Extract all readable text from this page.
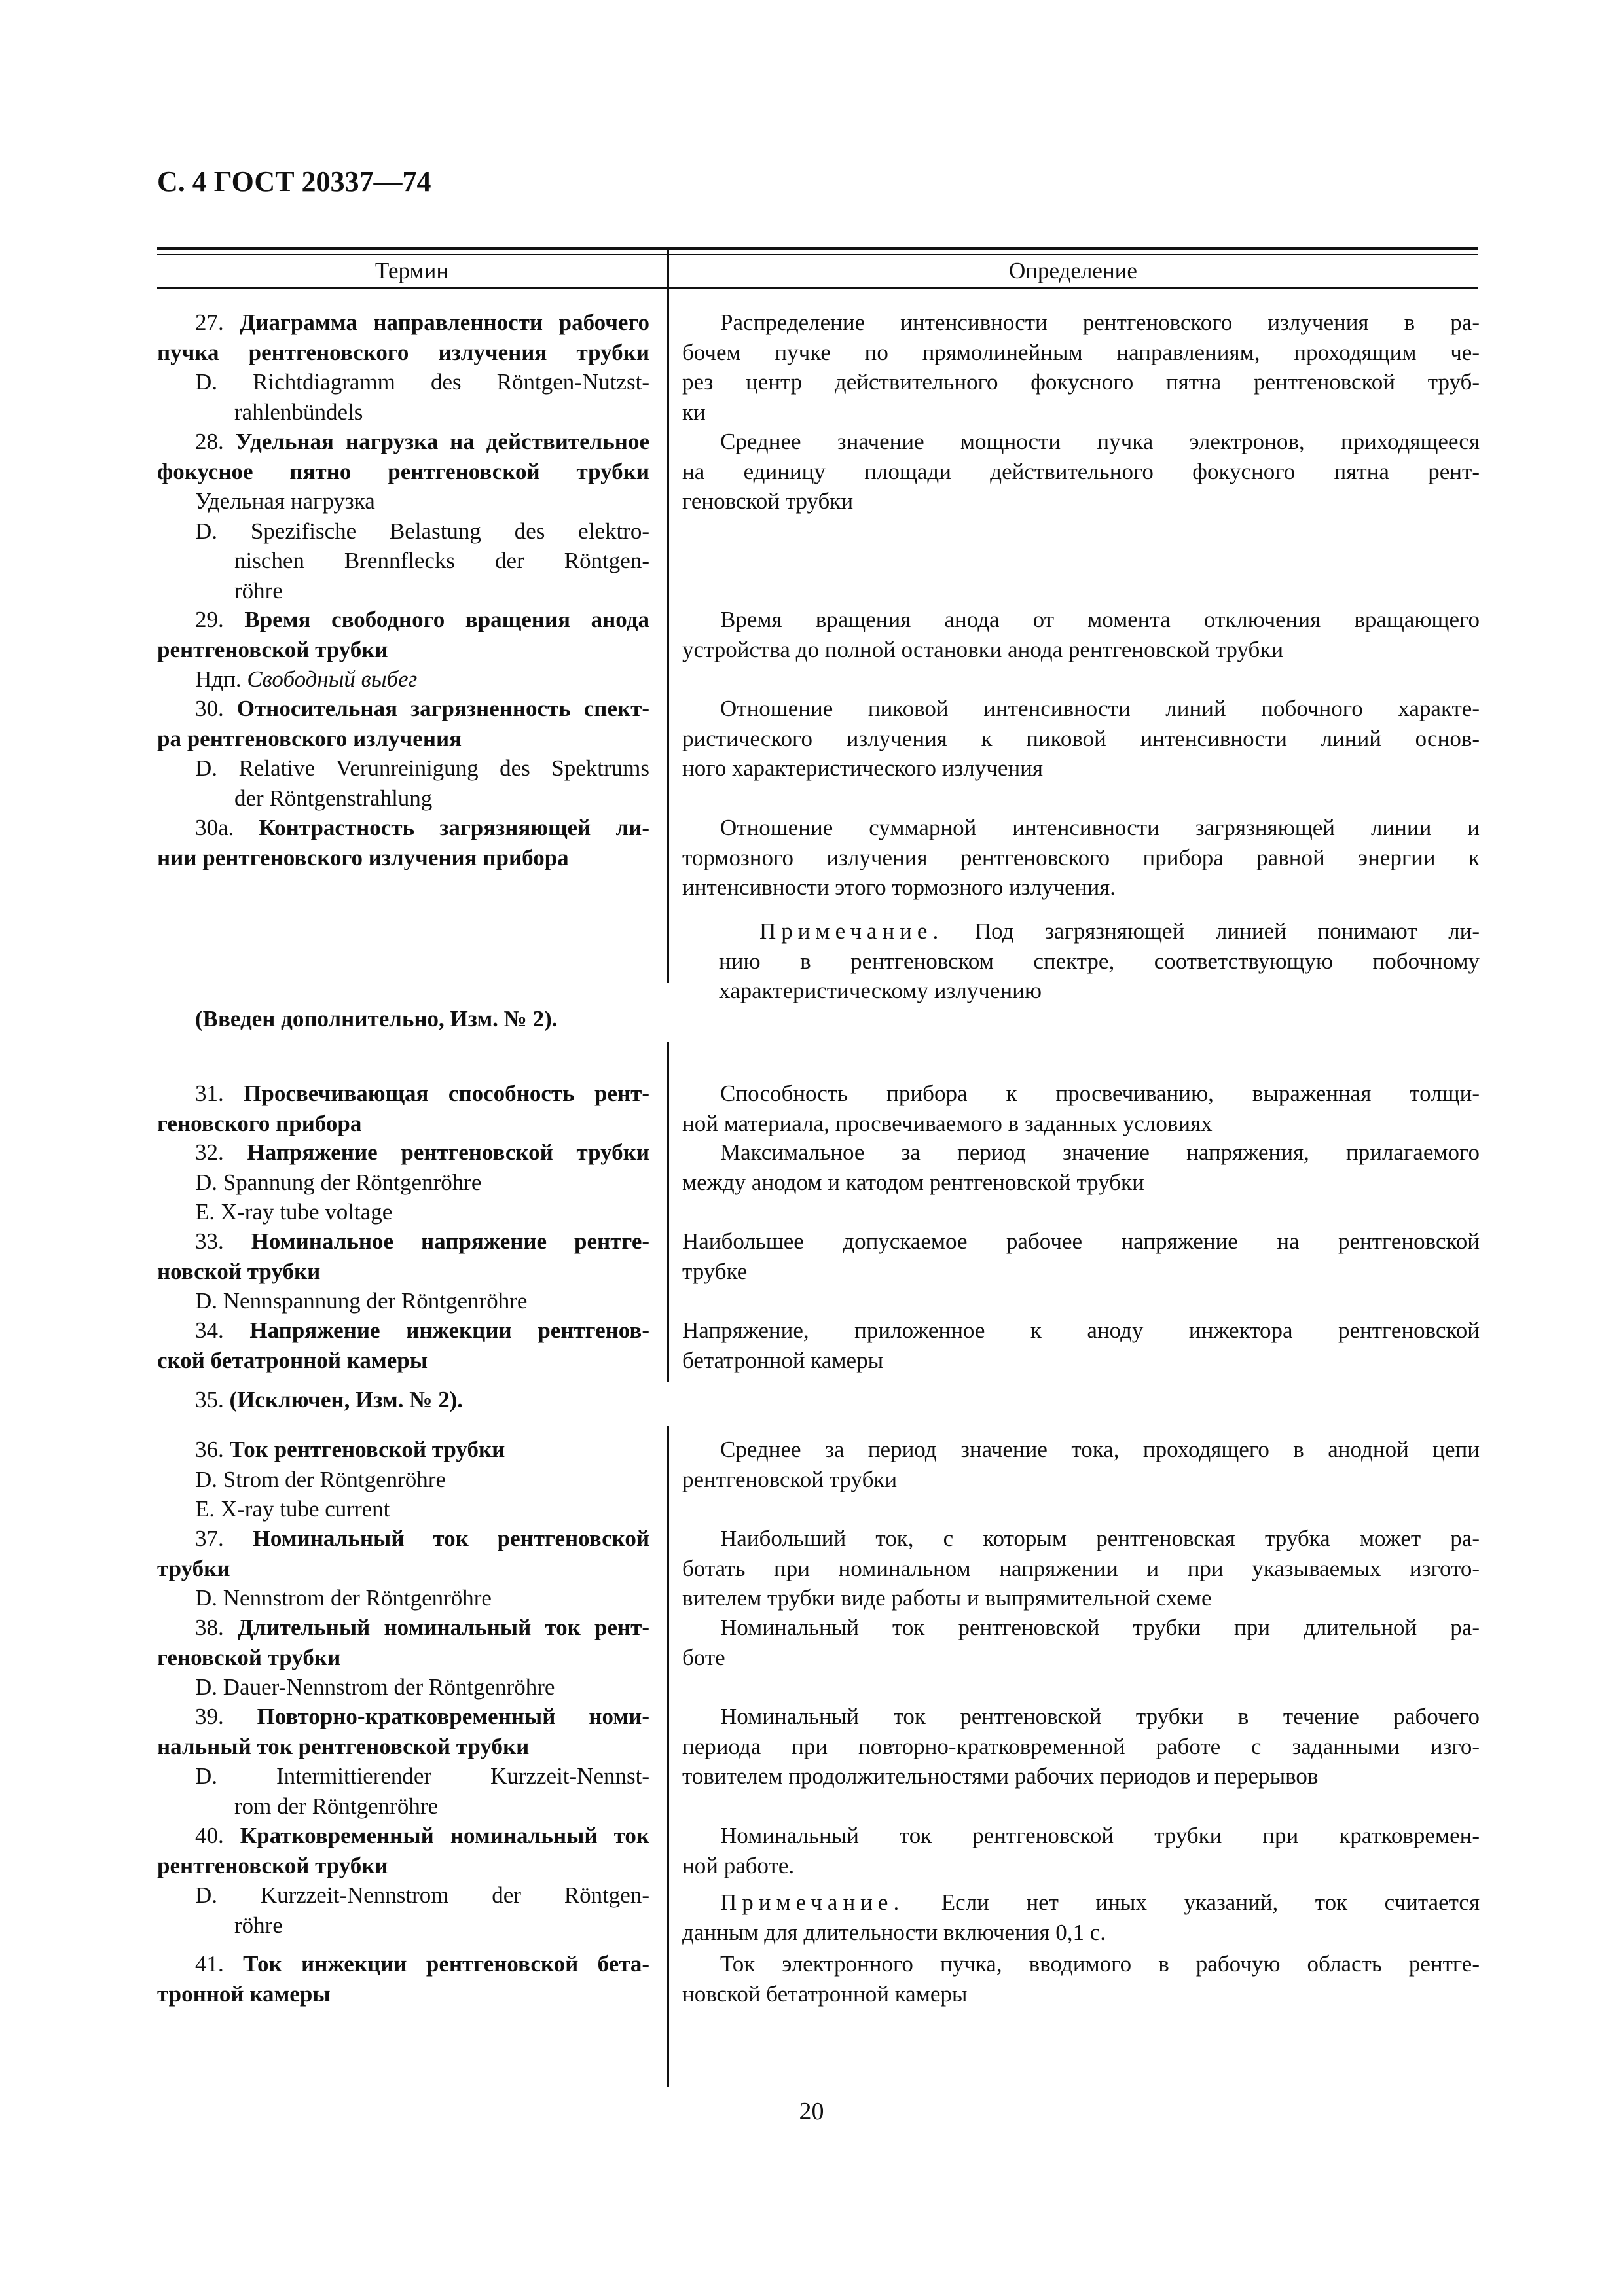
С. 4 ГОСТ 20337—74
Термин	Определение
27. Диаграмма направленности рабочего
пучка рентгеновского излучения трубки
D. Richtdiagramm des Röntgen-Nutzst-
rahlenbündels
Распределение интенсивности рентгеновского излучения в ра-
бочем пучке по прямолинейным направлениям, проходящим че-
рез центр действительного фокусного пятна рентгеновской труб-
ки
28. Удельная нагрузка на действительное
фокусное пятно рентгеновской трубки
Удельная нагрузка
D. Spezifische Belastung des elektro-
nischen Brennflecks der Röntgen-
röhre
Среднее значение мощности пучка электронов, приходящееся
на единицу площади действительного фокусного пятна рент-
геновской трубки
29. Время свободного вращения анода
рентгеновской трубки
Ндп. Свободный выбег
Время вращения анода от момента отключения вращающего
устройства до полной остановки анода рентгеновской трубки
30. Относительная загрязненность спект-
ра рентгеновского излучения
D. Relative Verunreinigung des Spektrums
der Röntgenstrahlung
Отношение пиковой интенсивности линий побочного характе-
ристического излучения к пиковой интенсивности линий основ-
ного характеристического излучения
30а. Контрастность загрязняющей ли-
нии рентгеновского излучения прибора
Отношение суммарной интенсивности загрязняющей линии и
тормозного излучения рентгеновского прибора равной энергии к
интенсивности этого тормозного излучения.
Примечание. Под загрязняющей линией понимают ли-
нию в рентгеновском спектре, соответствующую побочному
характеристическому излучению
(Введен дополнительно, Изм. № 2).
31. Просвечивающая способность рент-
геновского прибора
Способность прибора к просвечиванию, выраженная толщи-
ной материала, просвечиваемого в заданных условиях
32. Напряжение рентгеновской трубки
D. Spannung der Röntgenröhre
E. X-ray tube voltage
Максимальное за период значение напряжения, прилагаемого
между анодом и катодом рентгеновской трубки
33. Номинальное напряжение рентге-
новской трубки
D. Nennspannung der Röntgenröhre
Наибольшее допускаемое рабочее напряжение на рентгеновской
трубке
34. Напряжение инжекции рентгенов-
ской бетатронной камеры
Напряжение, приложенное к аноду инжектора рентгеновской
бетатронной камеры
35. (Исключен, Изм. № 2).
36. Ток рентгеновской трубки
D. Strom der Röntgenröhre
E. X-ray tube current
Среднее за период значение тока, проходящего в анодной цепи
рентгеновской трубки
37. Номинальный ток рентгеновской
трубки
D. Nennstrom der Röntgenröhre
Наибольший ток, с которым рентгеновская трубка может ра-
ботать при номинальном напряжении и при указываемых изгото-
вителем трубки виде работы и выпрямительной схеме
38. Длительный номинальный ток рент-
геновской трубки
D. Dauer-Nennstrom der Röntgenröhre
Номинальный ток рентгеновской трубки при длительной ра-
боте
39. Повторно-кратковременный номи-
нальный ток рентгеновской трубки
D. Intermittierender Kurzzeit-Nennst-
rom der Röntgenröhre
Номинальный ток рентгеновской трубки в течение рабочего
периода при повторно-кратковременной работе с заданными изго-
товителем продолжительностями рабочих периодов и перерывов
40. Кратковременный номинальный ток
рентгеновской трубки
D. Kurzzeit-Nennstrom der Röntgen-
röhre
Номинальный ток рентгеновской трубки при кратковремен-
ной работе.
Примечание. Если нет иных указаний, ток считается
данным для длительности включения 0,1 с.
41. Ток инжекции рентгеновской бета-
тронной камеры
Ток электронного пучка, вводимого в рабочую область рентге-
новской бетатронной камеры
20
